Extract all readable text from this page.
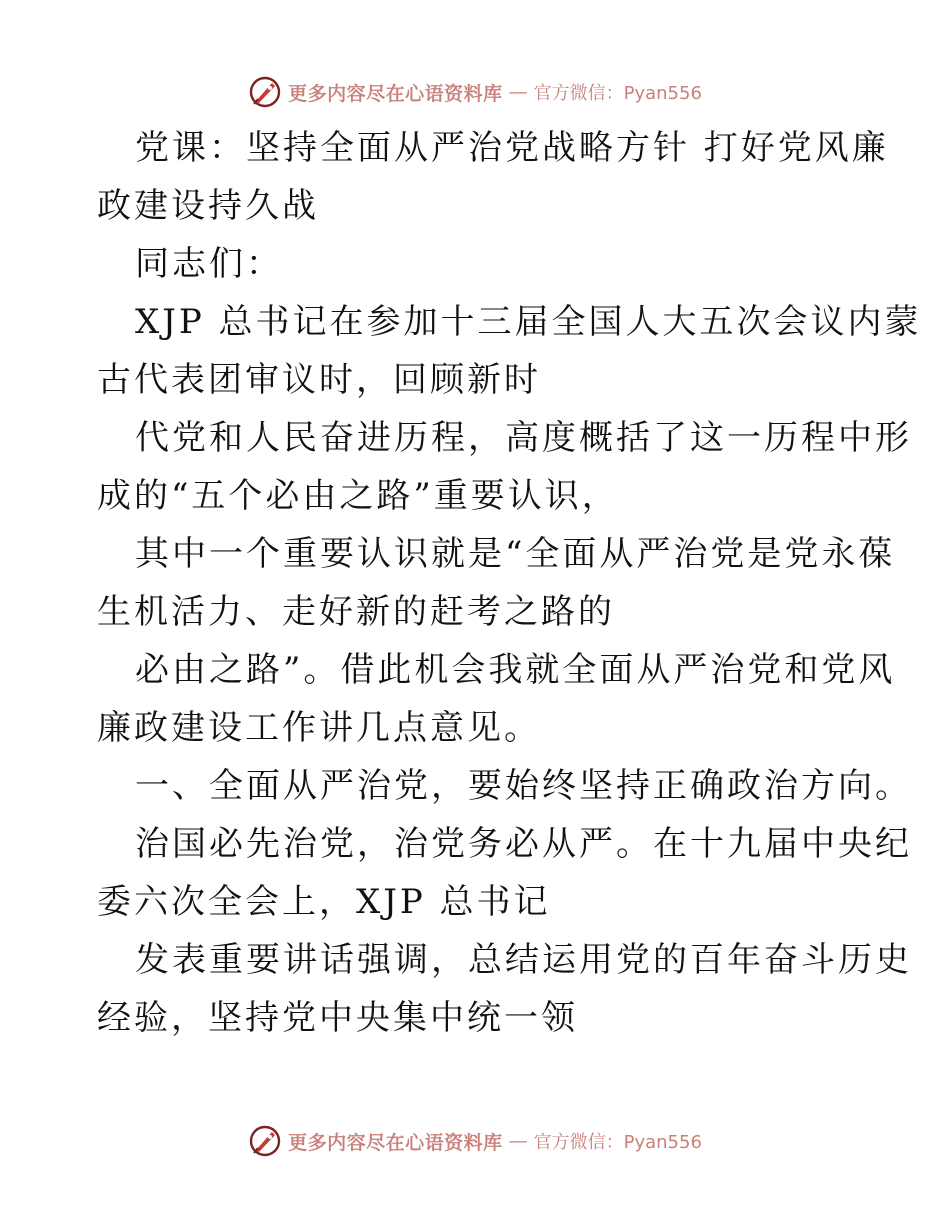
更多内容尽在心语资料库 — 官方微信：Pyan556
党课：坚持全面从严治党战略方针 打好党风廉
政建设持久战
同志们：
XJP 总书记在参加十三届全国人大五次会议内蒙
古代表团审议时，回顾新时
代党和人民奋进历程，高度概括了这一历程中形
成的“五个必由之路”重要认识，
其中一个重要认识就是“全面从严治党是党永葆
生机活力、走好新的赶考之路的
必由之路”。借此机会我就全面从严治党和党风
廉政建设工作讲几点意见。
一、全面从严治党，要始终坚持正确政治方向。
治国必先治党，治党务必从严。在十九届中央纪
委六次全会上，XJP 总书记
发表重要讲话强调，总结运用党的百年奋斗历史
经验，坚持党中央集中统一领
更多内容尽在心语资料库 — 官方微信：Pyan556
